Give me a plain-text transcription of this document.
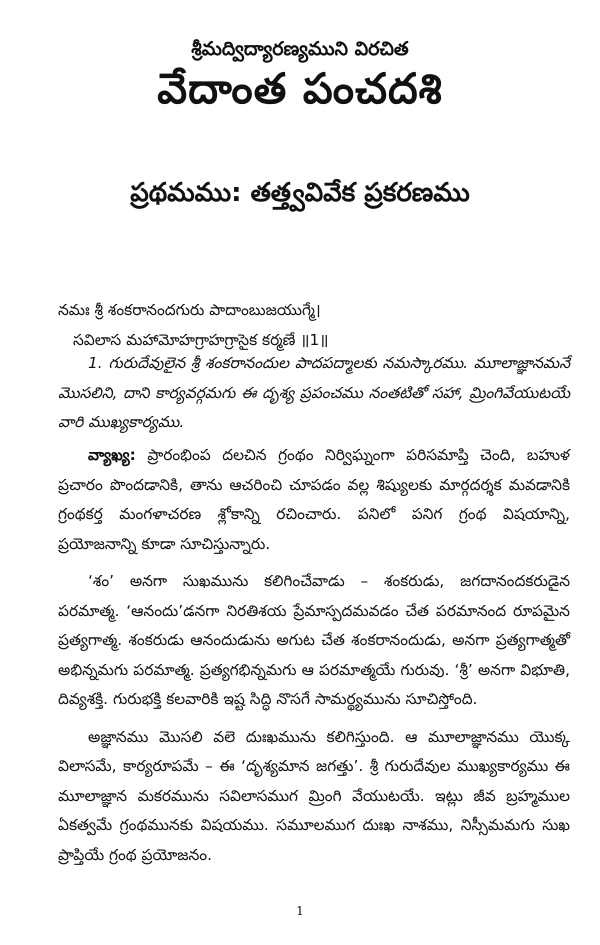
శ్రీమద్విద్యారణ్యముని విరచిత
వేదాంత పంచదశి
ప్రథమము: తత్త్వవివేక ప్రకరణము

నమః శ్రీ శంకరానందగురు పాదాంబుజయుగ్మే।

సవిలాస మహామోహగ్రాహగ్రాసైక కర్మణే ॥1॥

1. గురుదేవులైన శ్రీ శంకరానందుల పాదపద్మాలకు నమస్కారము. మూలాజ్ఞానమనే మొసలిని, దాని కార్యవర్గమగు ఈ దృశ్య ప్రపంచము నంతటితో సహా, మ్రింగివేయుటయే వారి ముఖ్యకార్యము.

వ్యాఖ్య: ప్రారంభింప దలచిన గ్రంథం నిర్విఘ్నంగా పరిసమాప్తి చెంది, బహుళ ప్రచారం పొందడానికి, తాను ఆచరించి చూపడం వల్ల శిష్యులకు మార్గదర్శక మవడానికి గ్రంథకర్త మంగళాచరణ శ్లోకాన్ని రచించారు. పనిలో పనిగ గ్రంథ విషయాన్ని, ప్రయోజనాన్ని కూడా సూచిస్తున్నారు.

‘శం’ అనగా సుఖమును కలిగించేవాడు – శంకరుడు, జగదానందకరుడైన పరమాత్మ. ‘ఆనందు’డనగా నిరతిశయ ప్రేమాస్పదమవడం చేత పరమానంద రూపమైన ప్రత్యగాత్మ. శంకరుడు ఆనందుడును అగుట చేత శంకరానందుడు, అనగా ప్రత్యగాత్మతో అభిన్నమగు పరమాత్మ. ప్రత్యగభిన్నమగు ఆ పరమాత్మయే గురువు. ‘శ్రీ’ అనగా విభూతి, దివ్యశక్తి. గురుభక్తి కలవారికి ఇష్ట సిద్ధి నొసగే సామర్థ్యమును సూచిస్తోంది.

అజ్ఞానము మొసలి వలె దుఃఖమును కలిగిస్తుంది. ఆ మూలాజ్ఞానము యొక్క విలాసమే, కార్యరూపమే – ఈ ‘దృశ్యమాన జగత్తు’. శ్రీ గురుదేవుల ముఖ్యకార్యము ఈ మూలాజ్ఞాన మకరమును సవిలాసముగ మ్రింగి వేయుటయే. ఇట్లు జీవ బ్రహ్మముల ఏకత్వమే గ్రంథమునకు విషయము. సమూలముగ దుఃఖ నాశము, నిస్సీమమగు సుఖ ప్రాప్తియే గ్రంథ ప్రయోజనం.

1
